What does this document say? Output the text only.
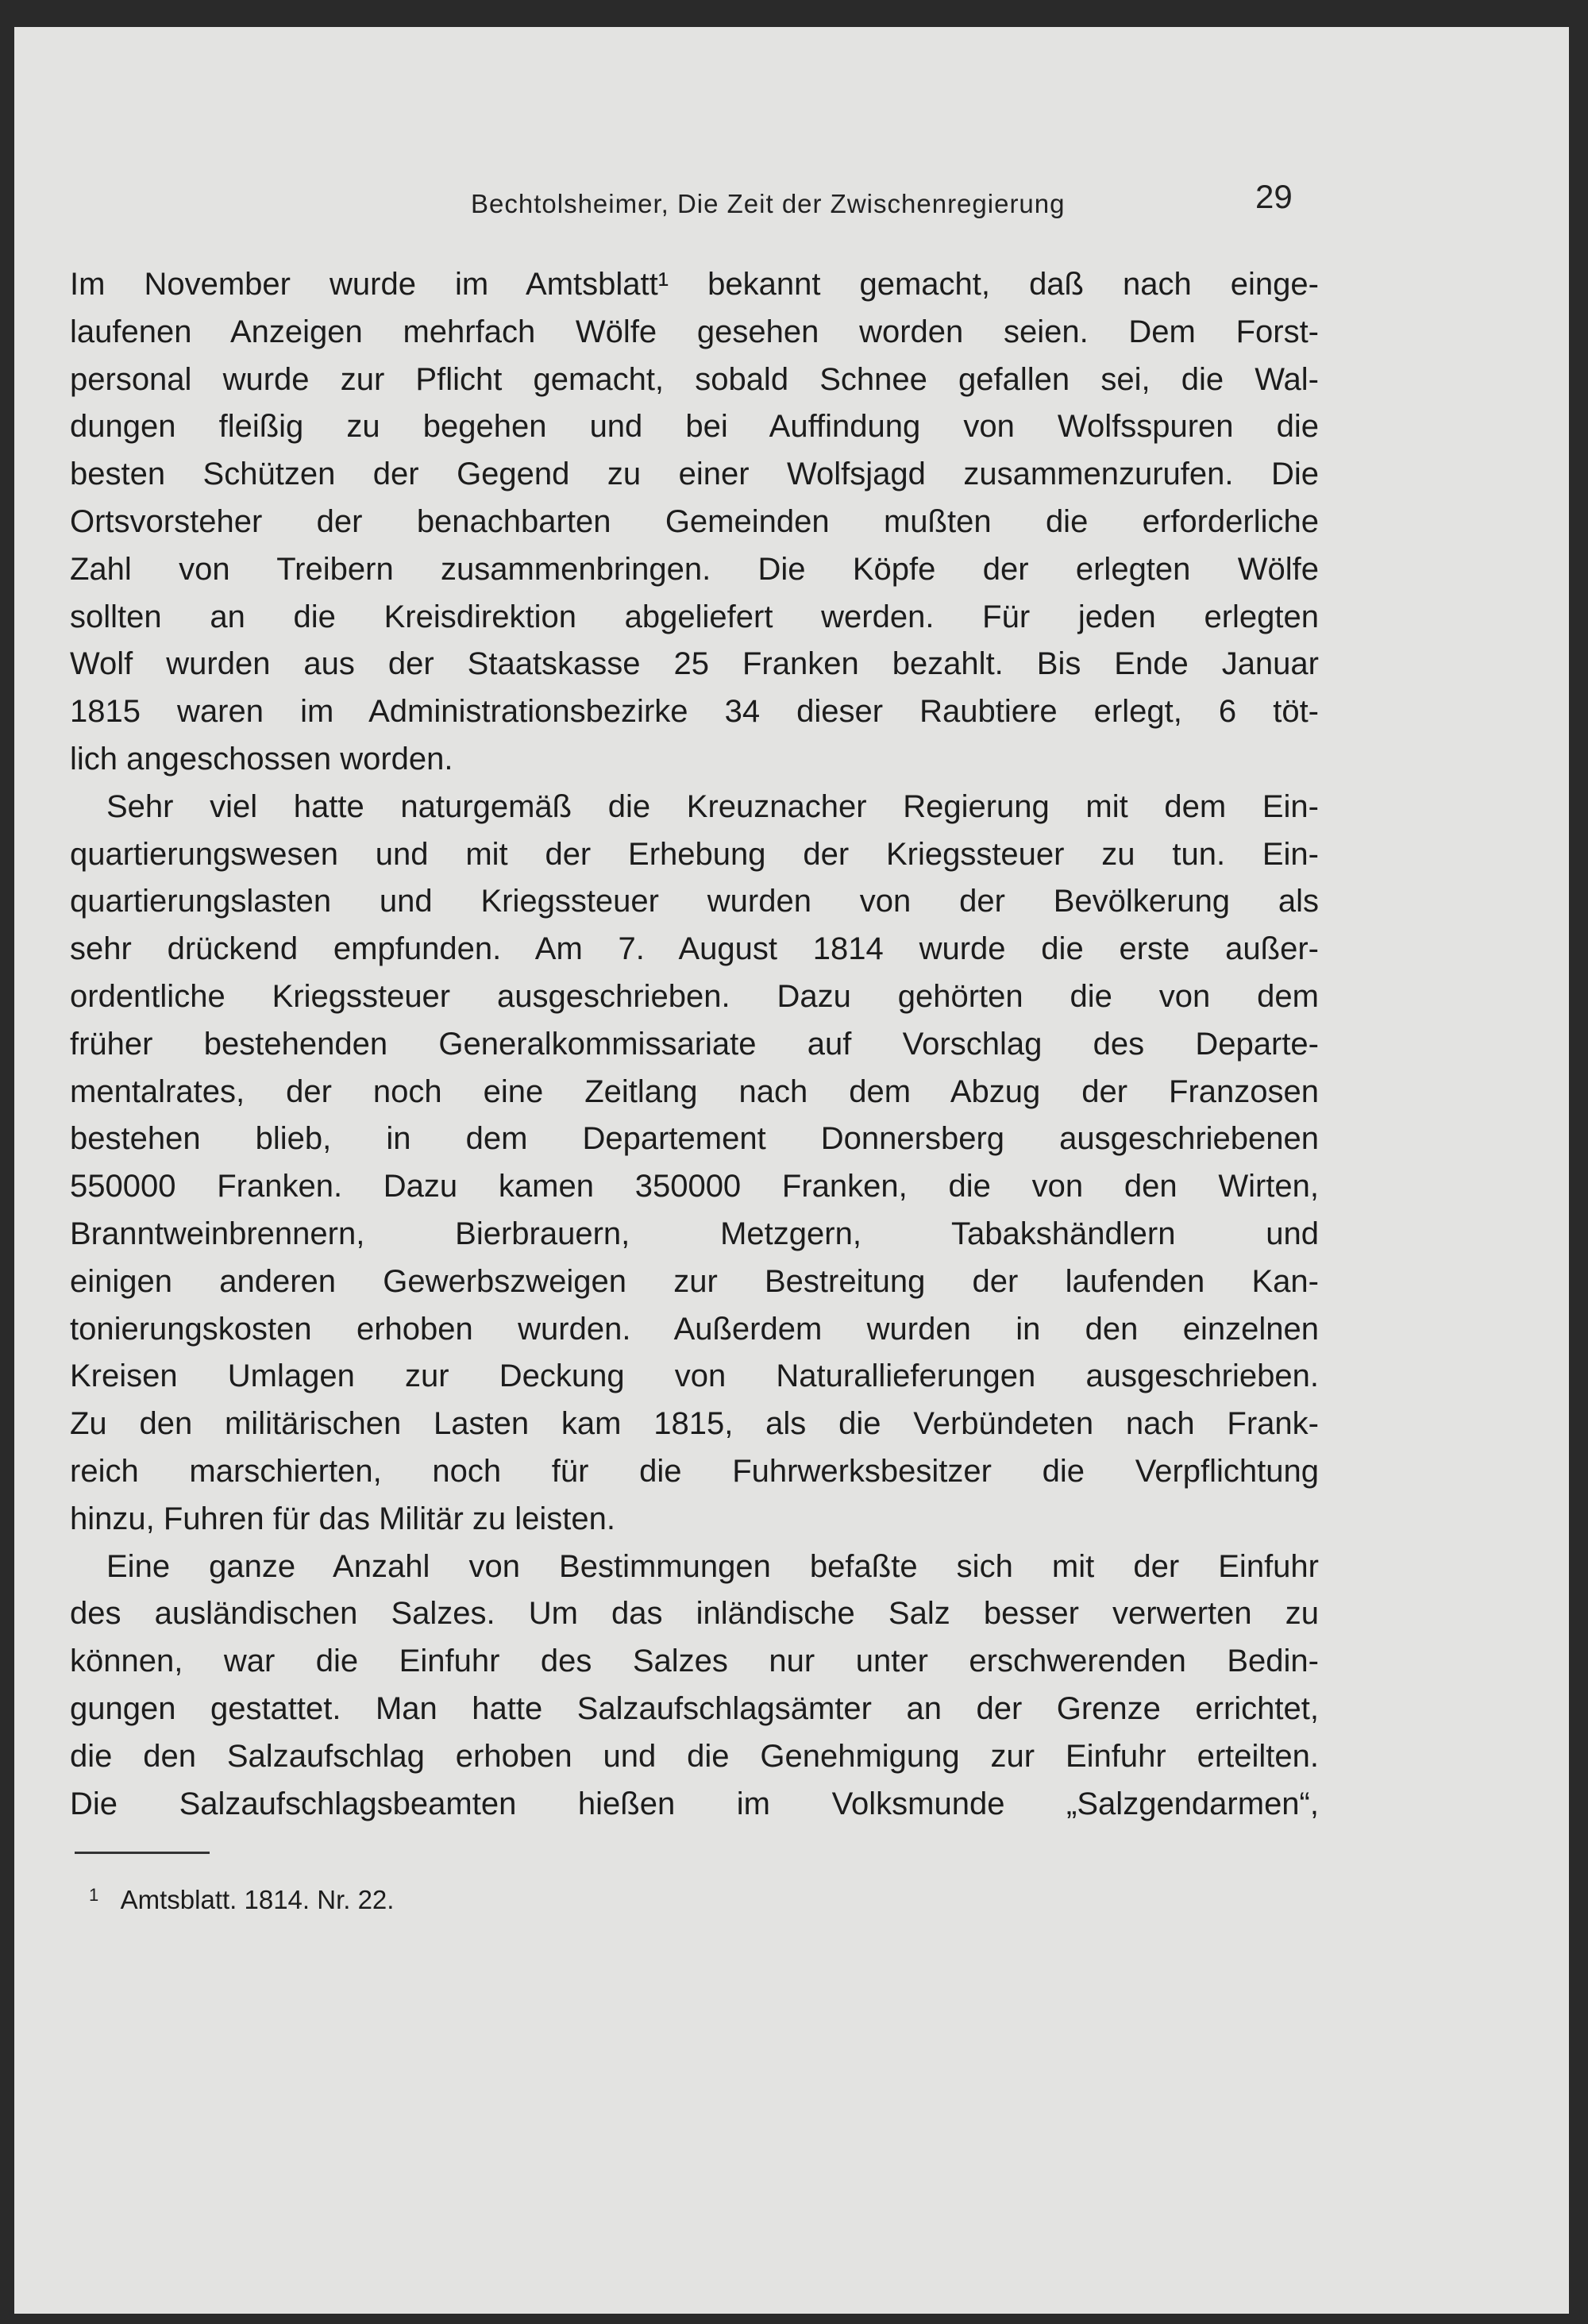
Bechtolsheimer, Die Zeit der Zwischenregierung	29
Im November wurde im Amtsblatt¹ bekannt gemacht, daß nach einge-
laufenen Anzeigen mehrfach Wölfe gesehen worden seien. Dem Forst-
personal wurde zur Pflicht gemacht, sobald Schnee gefallen sei, die Wal-
dungen fleißig zu begehen und bei Auffindung von Wolfsspuren die
besten Schützen der Gegend zu einer Wolfsjagd zusammenzurufen. Die
Ortsvorsteher der benachbarten Gemeinden mußten die erforderliche
Zahl von Treibern zusammenbringen. Die Köpfe der erlegten Wölfe
sollten an die Kreisdirektion abgeliefert werden. Für jeden erlegten
Wolf wurden aus der Staatskasse 25 Franken bezahlt. Bis Ende Januar
1815 waren im Administrationsbezirke 34 dieser Raubtiere erlegt, 6 töt-
lich angeschossen worden.
Sehr viel hatte naturgemäß die Kreuznacher Regierung mit dem Ein-
quartierungswesen und mit der Erhebung der Kriegssteuer zu tun. Ein-
quartierungslasten und Kriegssteuer wurden von der Bevölkerung als
sehr drückend empfunden. Am 7. August 1814 wurde die erste außer-
ordentliche Kriegssteuer ausgeschrieben. Dazu gehörten die von dem
früher bestehenden Generalkommissariate auf Vorschlag des Departe-
mentalrates, der noch eine Zeitlang nach dem Abzug der Franzosen
bestehen blieb, in dem Departement Donnersberg ausgeschriebenen
550000 Franken. Dazu kamen 350000 Franken, die von den Wirten,
Branntweinbrennern, Bierbrauern, Metzgern, Tabakshändlern und
einigen anderen Gewerbszweigen zur Bestreitung der laufenden Kan-
tonierungskosten erhoben wurden. Außerdem wurden in den einzelnen
Kreisen Umlagen zur Deckung von Naturallieferungen ausgeschrieben.
Zu den militärischen Lasten kam 1815, als die Verbündeten nach Frank-
reich marschierten, noch für die Fuhrwerksbesitzer die Verpflichtung
hinzu, Fuhren für das Militär zu leisten.
Eine ganze Anzahl von Bestimmungen befaßte sich mit der Einfuhr
des ausländischen Salzes. Um das inländische Salz besser verwerten zu
können, war die Einfuhr des Salzes nur unter erschwerenden Bedin-
gungen gestattet. Man hatte Salzaufschlagsämter an der Grenze errichtet,
die den Salzaufschlag erhoben und die Genehmigung zur Einfuhr erteilten.
Die Salzaufschlagsbeamten hießen im Volksmunde „Salzgendarmen“,
$^1$ Amtsblatt. 1814. Nr. 22.
